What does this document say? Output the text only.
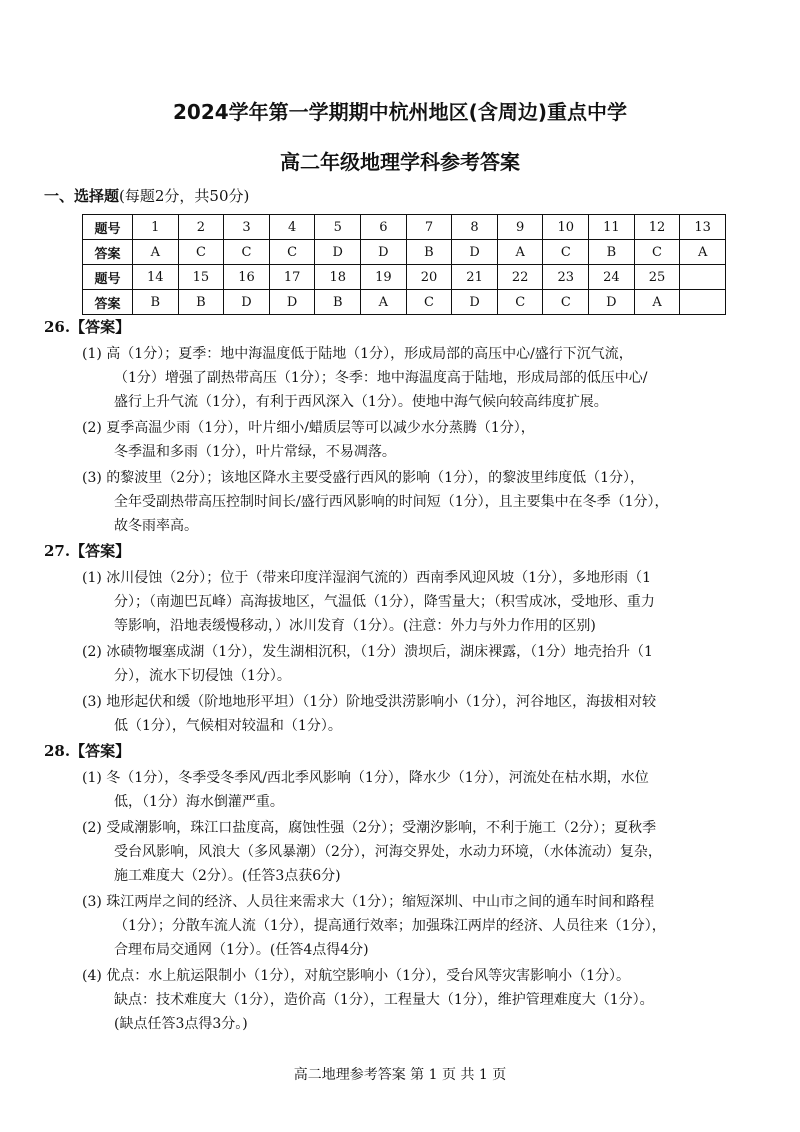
2024学年第一学期期中杭州地区(含周边)重点中学
高二年级地理学科参考答案
一、选择题(每题2分，共50分)
题号	1	2	3	4	5	6	7	8	9	10	11	12	13
答案	A	C	C	C	D	D	B	D	A	C	B	C	A
题号	14	15	16	17	18	19	20	21	22	23	24	25	
答案	B	B	D	D	B	A	C	D	C	C	D	A	
26.【答案】
(1) 高（1分）；夏季：地中海温度低于陆地（1分），形成局部的高压中心/盛行下沉气流，
（1分）增强了副热带高压（1分）；冬季：地中海温度高于陆地，形成局部的低压中心/
盛行上升气流（1分），有利于西风深入（1分）。使地中海气候向较高纬度扩展。
(2) 夏季高温少雨（1分），叶片细小/蜡质层等可以减少水分蒸腾（1分），
冬季温和多雨（1分），叶片常绿，不易凋落。
(3) 的黎波里（2分）；该地区降水主要受盛行西风的影响（1分），的黎波里纬度低（1分），
全年受副热带高压控制时间长/盛行西风影响的时间短（1分），且主要集中在冬季（1分），
故冬雨率高。
27.【答案】
(1) 冰川侵蚀（2分）；位于（带来印度洋湿润气流的）西南季风迎风坡（1分），多地形雨（1
分）；（南迦巴瓦峰）高海拔地区，气温低（1分），降雪量大；（积雪成冰，受地形、重力
等影响，沿地表缓慢移动，）冰川发育（1分）。(注意：外力与外力作用的区别)
(2) 冰碛物堰塞成湖（1分），发生湖相沉积，（1分）溃坝后，湖床裸露，（1分）地壳抬升（1
分），流水下切侵蚀（1分）。
(3) 地形起伏和缓（阶地地形平坦）（1分）阶地受洪涝影响小（1分），河谷地区，海拔相对较
低（1分），气候相对较温和（1分）。
28.【答案】
(1) 冬（1分），冬季受冬季风/西北季风影响（1分），降水少（1分），河流处在枯水期，水位
低，（1分）海水倒灌严重。
(2) 受咸潮影响，珠江口盐度高，腐蚀性强（2分）；受潮汐影响，不利于施工（2分）；夏秋季
受台风影响，风浪大（多风暴潮）（2分），河海交界处，水动力环境，（水体流动）复杂，
施工难度大（2分）。(任答3点获6分)
(3) 珠江两岸之间的经济、人员往来需求大（1分）；缩短深圳、中山市之间的通车时间和路程
（1分）；分散车流人流（1分），提高通行效率；加强珠江两岸的经济、人员往来（1分），
合理布局交通网（1分）。(任答4点得4分)
(4) 优点：水上航运限制小（1分），对航空影响小（1分），受台风等灾害影响小（1分）。
缺点：技术难度大（1分），造价高（1分），工程量大（1分），维护管理难度大（1分）。
(缺点任答3点得3分。)
高二地理参考答案 第 1 页 共 1 页
